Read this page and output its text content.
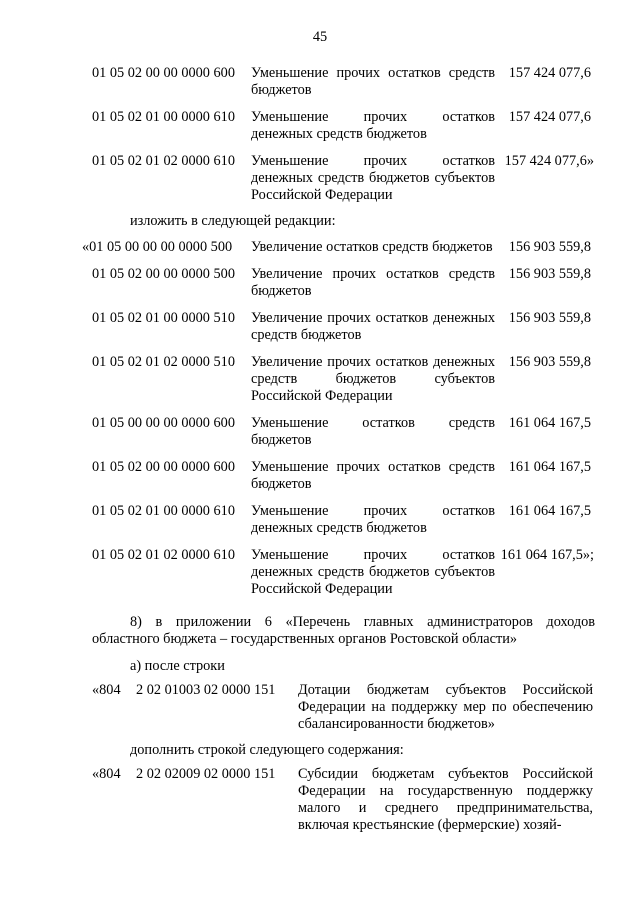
45
01 05 02 00 00 0000 600 Уменьшение прочих остатков средств бюджетов
157 424 077,6
01 05 02 01 00 0000 610 Уменьшение прочих остатков денежных средств бюджетов
157 424 077,6
01 05 02 01 02 0000 610 Уменьшение прочих остатков денежных средств бюджетов субъектов Российской Федерации
157 424 077,6»
изложить в следующей редакции:
«01 05 00 00 00 0000 500 Увеличение остатков средств бюджетов 156 903 559,8
01 05 02 00 00 0000 500 Увеличение прочих остатков средств бюджетов
156 903 559,8
01 05 02 01 00 0000 510 Увеличение прочих остатков денежных средств бюджетов
156 903 559,8
01 05 02 01 02 0000 510 Увеличение прочих остатков денежных средств бюджетов субъектов Российской Федерации
156 903 559,8
01 05 00 00 00 0000 600 Уменьшение остатков средств бюджетов
161 064 167,5
01 05 02 00 00 0000 600 Уменьшение прочих остатков средств бюджетов
161 064 167,5
01 05 02 01 00 0000 610 Уменьшение прочих остатков денежных средств бюджетов
161 064 167,5
01 05 02 01 02 0000 610 Уменьшение прочих остатков денежных средств бюджетов субъектов Российской Федерации
161 064 167,5»;
8) в приложении 6 «Перечень главных администраторов доходов
областного бюджета – государственных органов Ростовской области»
а) после строки
«804 2 02 01003 02 0000 151 Дотации бюджетам субъектов Российской Федерации на поддержку мер по обеспечению сбалансированности бюджетов»
дополнить строкой следующего содержания:
«804 2 02 02009 02 0000 151 Субсидии бюджетам субъектов Российской Федерации на государственную поддержку малого и среднего предпринимательства, включая крестьянские (фермерские) хозяй-
